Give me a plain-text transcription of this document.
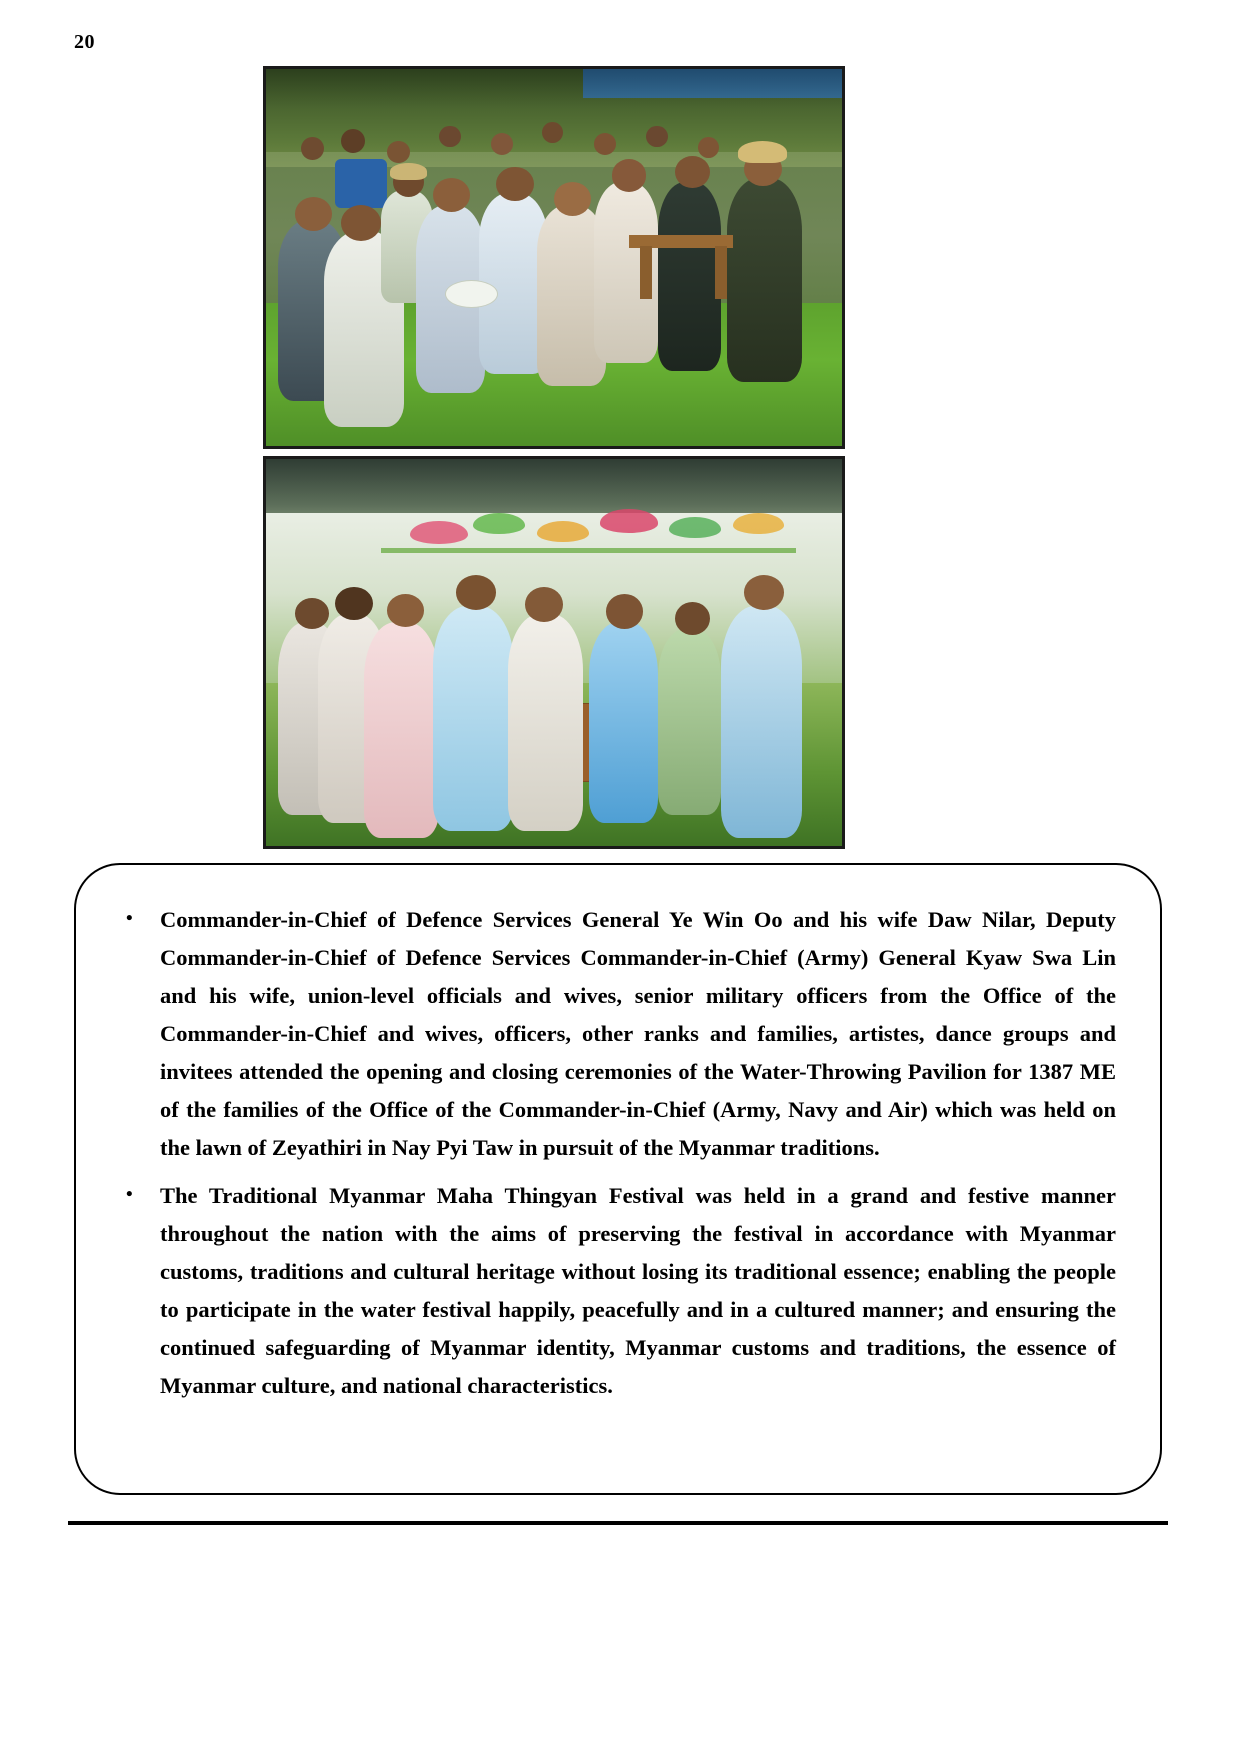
20
• Commander-in-Chief of Defence Services General Ye Win Oo and his wife Daw Nilar, Deputy Commander-in-Chief of Defence Services Commander-in-Chief (Army) General Kyaw Swa Lin and his wife, union-level officials and wives, senior military officers from the Office of the Commander-in-Chief and wives, officers, other ranks and families, artistes, dance groups and invitees attended the opening and closing ceremonies of the Water-Throwing Pavilion for 1387 ME of the families of the Office of the Commander-in-Chief (Army, Navy and Air) which was held on the lawn of Zeyathiri in Nay Pyi Taw in pursuit of the Myanmar traditions.
• The Traditional Myanmar Maha Thingyan Festival was held in a grand and festive manner throughout the nation with the aims of preserving the festival in accordance with Myanmar customs, traditions and cultural heritage without losing its traditional essence; enabling the people to participate in the water festival happily, peacefully and in a cultured manner; and ensuring the continued safeguarding of Myanmar identity, Myanmar customs and traditions, the essence of Myanmar culture, and national characteristics.
